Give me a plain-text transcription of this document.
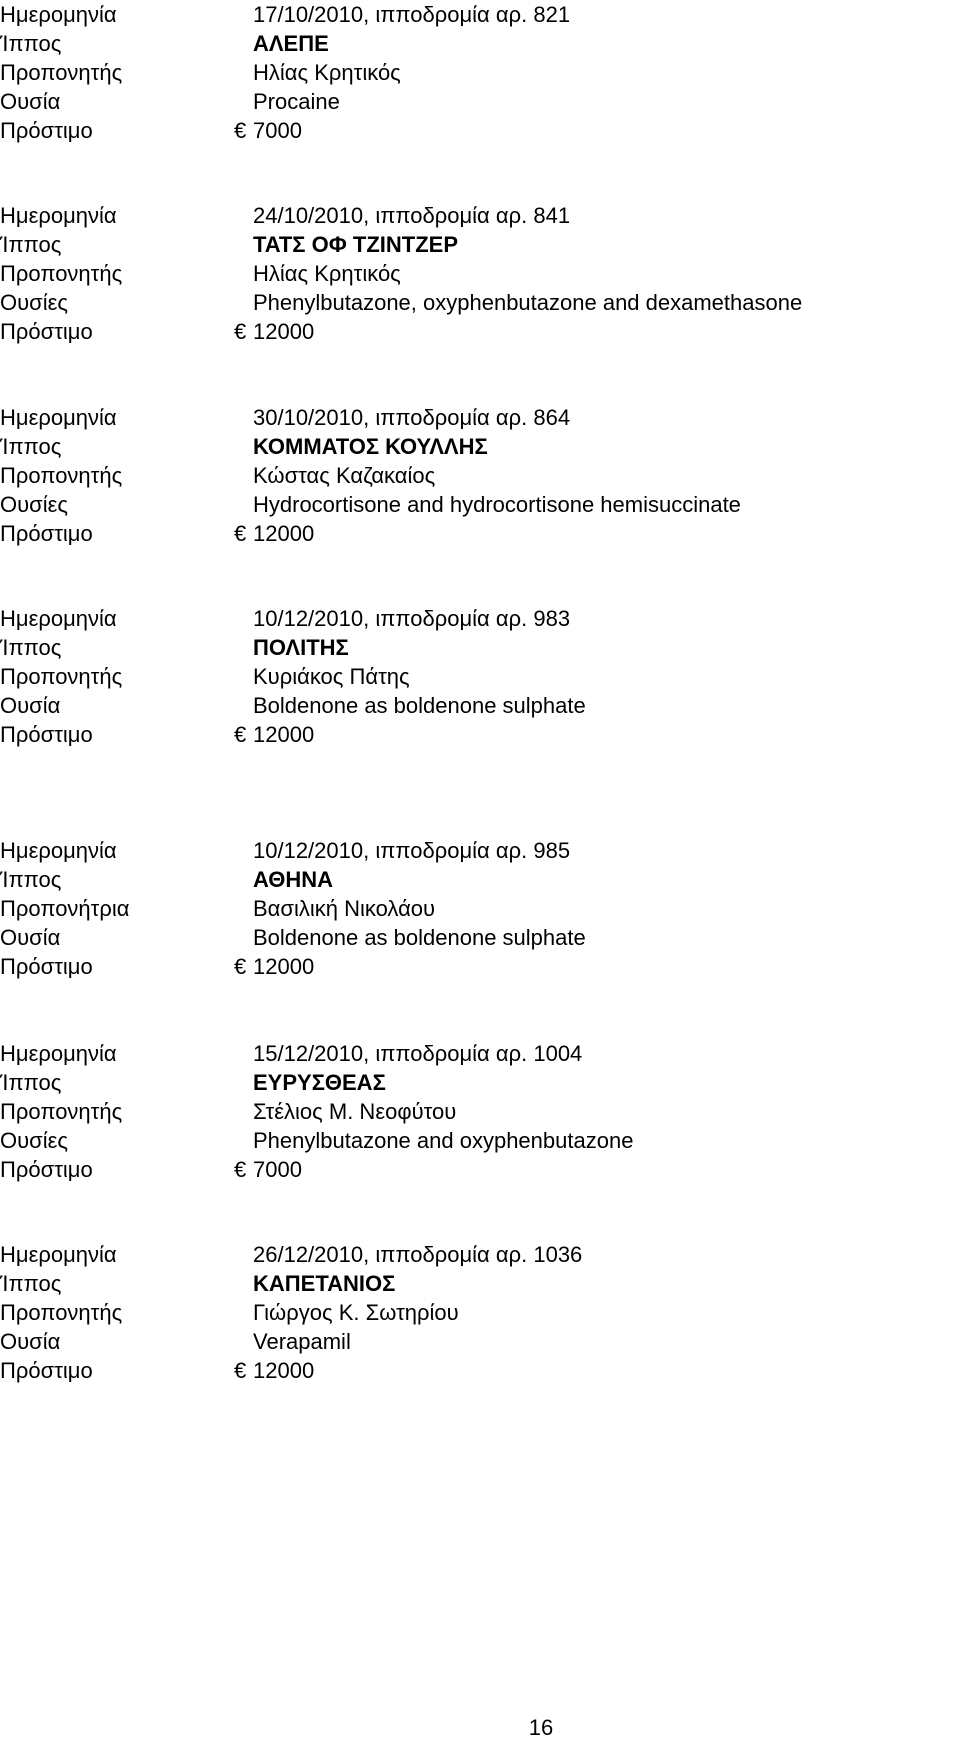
Ημερομηνία	17/10/2010, ιπποδρομία αρ. 821
Ίππος	ΑΛΕΠΕ
Προπονητής	Ηλίας Κρητικός
Ουσία	Procaine
Πρόστιμο	€ 7000
Ημερομηνία	24/10/2010, ιπποδρομία αρ. 841
Ίππος	ΤΑΤΣ ΟΦ ΤΖΙΝΤΖΕΡ
Προπονητής	Ηλίας Κρητικός
Ουσίες	Phenylbutazone, oxyphenbutazone and dexamethasone
Πρόστιμο	€ 12000
Ημερομηνία	30/10/2010, ιπποδρομία αρ. 864
Ίππος	ΚΟΜΜΑΤΟΣ ΚΟΥΛΛΗΣ
Προπονητής	Κώστας Καζακαίος
Ουσίες	Hydrocortisone and hydrocortisone hemisuccinate
Πρόστιμο	€ 12000
Ημερομηνία	10/12/2010, ιπποδρομία αρ. 983
Ίππος	ΠΟΛΙΤΗΣ
Προπονητής	Κυριάκος Πάτης
Ουσία	Boldenone as boldenone sulphate
Πρόστιμο	€ 12000
Ημερομηνία	10/12/2010, ιπποδρομία αρ. 985
Ίππος	ΑΘΗΝΑ
Προπονήτρια	Βασιλική Νικολάου
Ουσία	Boldenone as boldenone sulphate
Πρόστιμο	€ 12000
Ημερομηνία	15/12/2010, ιπποδρομία αρ. 1004
Ίππος	ΕΥΡΥΣΘΕΑΣ
Προπονητής	Στέλιος Μ. Νεοφύτου
Ουσίες	Phenylbutazone and oxyphenbutazone
Πρόστιμο	€ 7000
Ημερομηνία	26/12/2010, ιπποδρομία αρ. 1036
Ίππος	ΚΑΠΕΤΑΝΙΟΣ
Προπονητής	Γιώργος Κ. Σωτηρίου
Ουσία	Verapamil
Πρόστιμο	€ 12000
16
